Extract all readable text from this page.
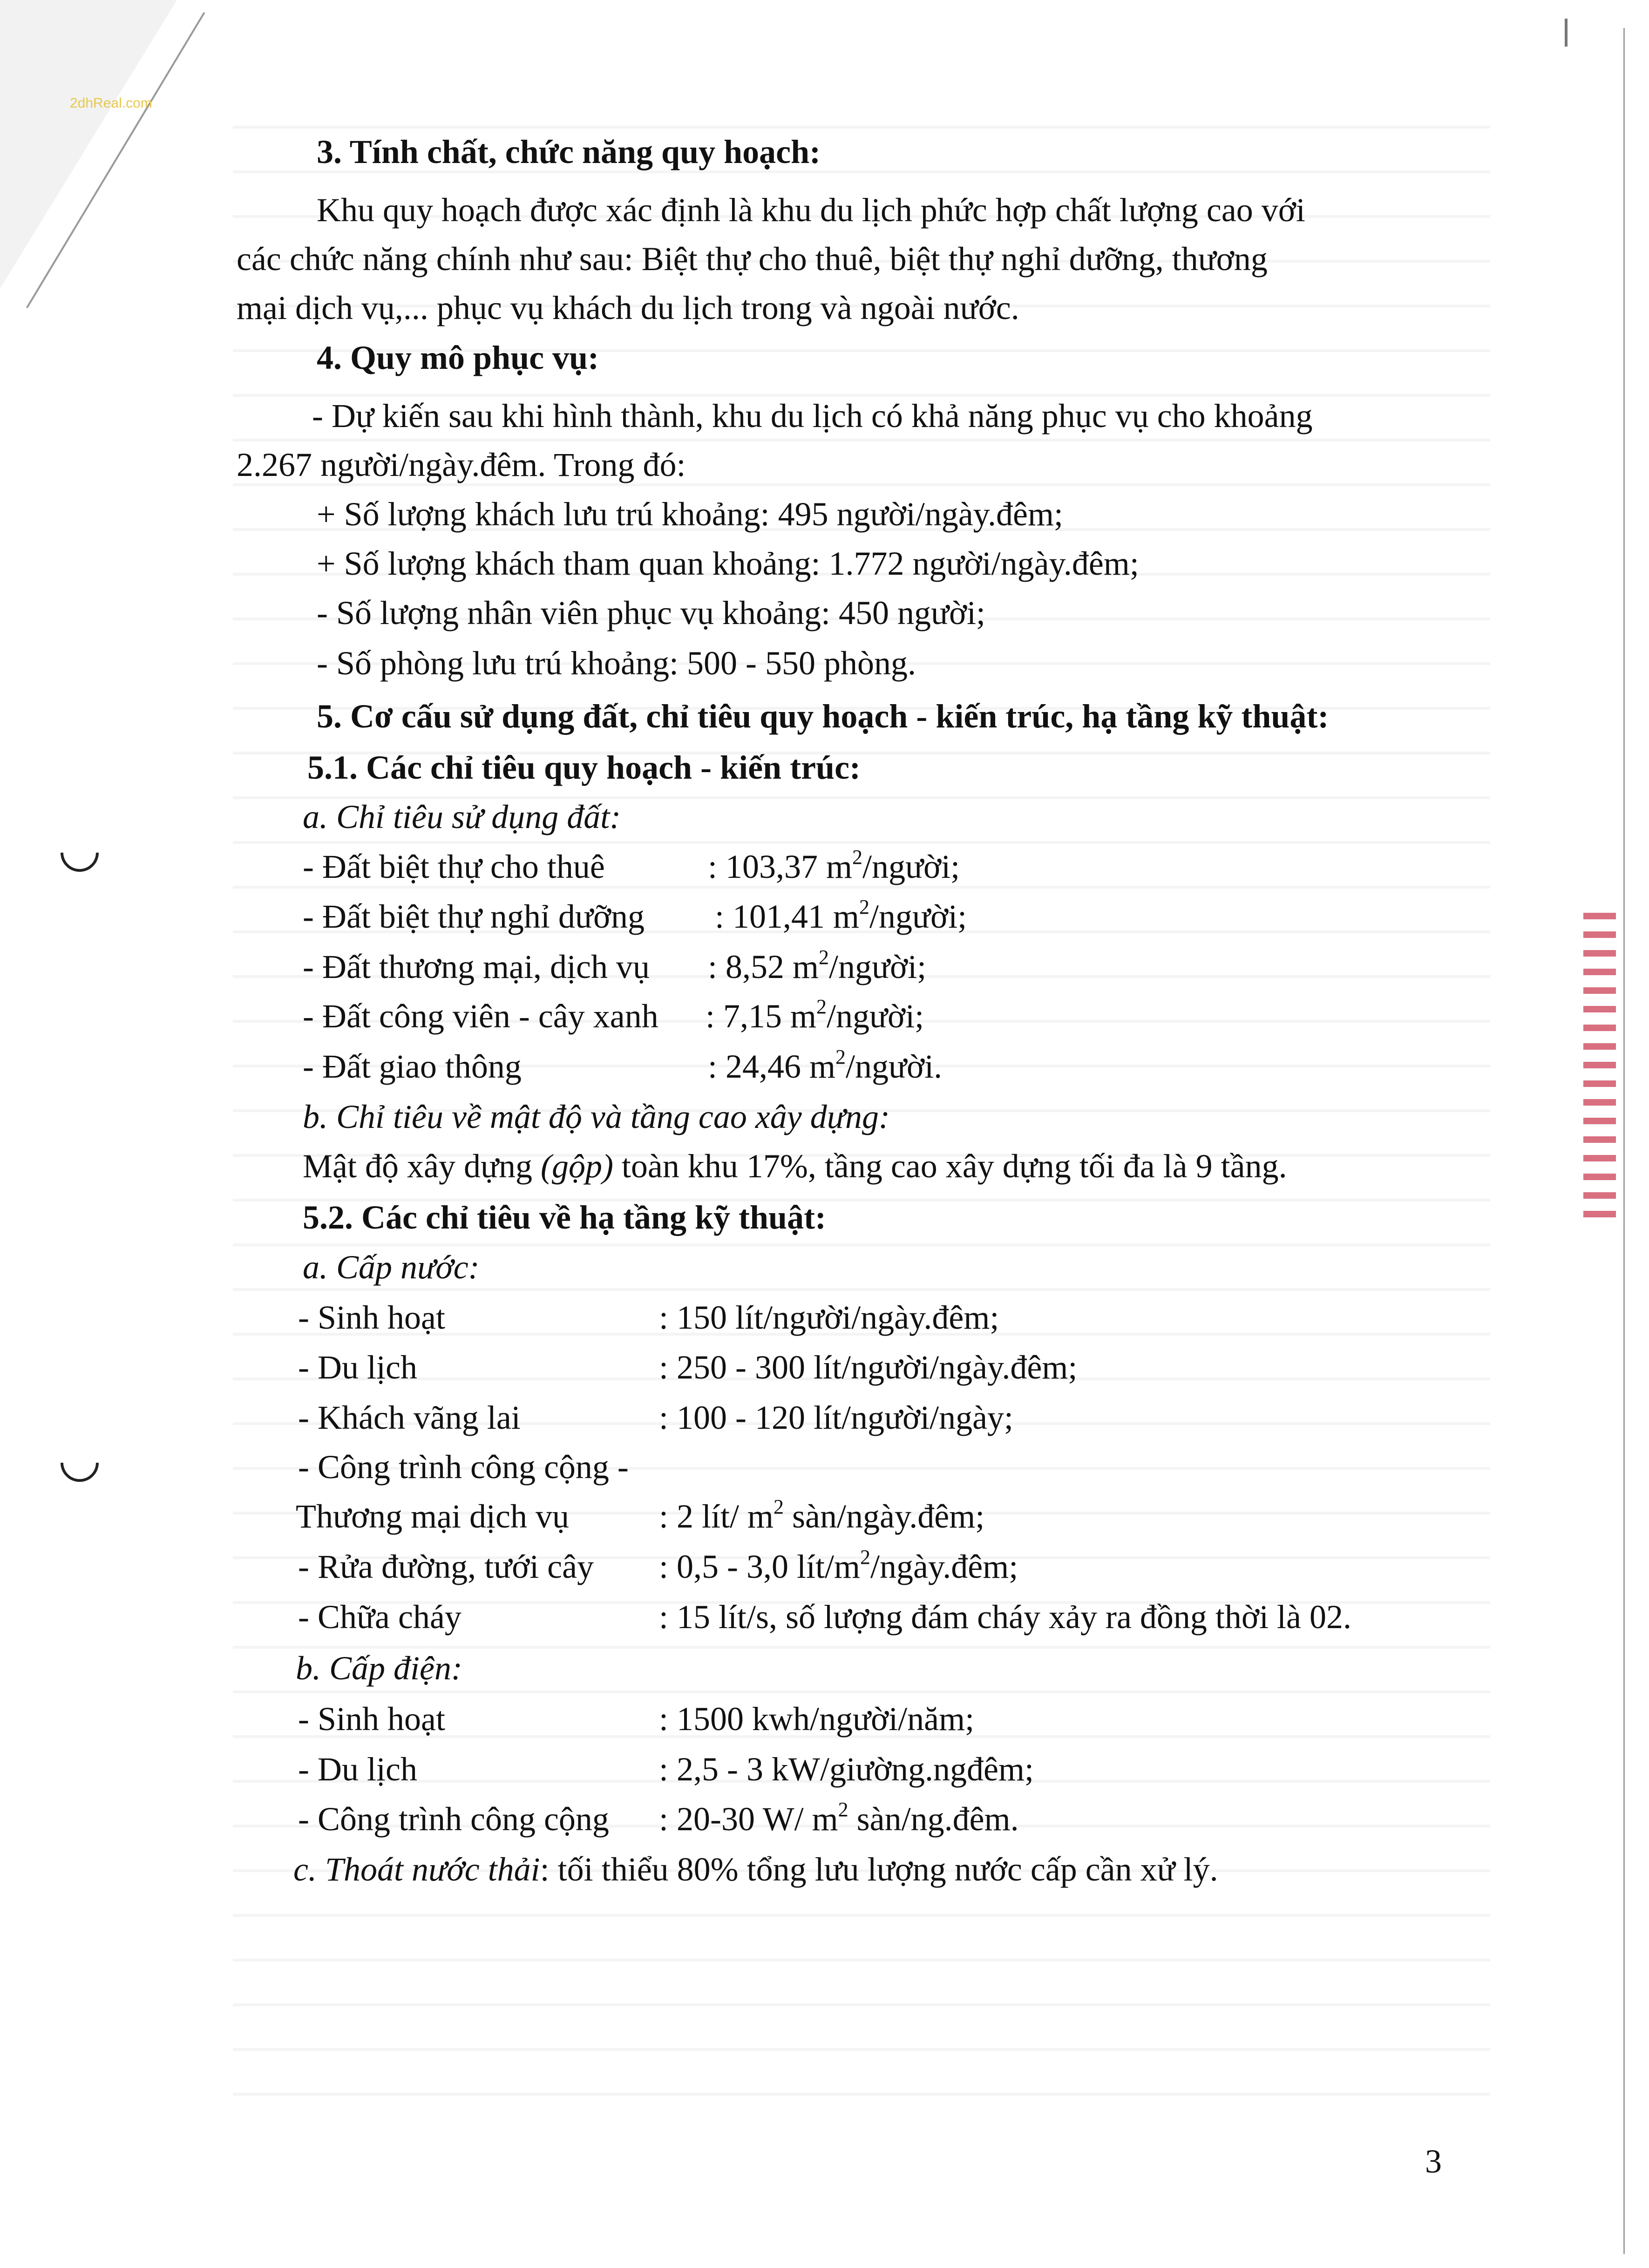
2dhReal.com
3. Tính chất, chức năng quy hoạch:
Khu quy hoạch được xác định là khu du lịch phức hợp chất lượng cao với
các chức năng chính như sau: Biệt thự cho thuê, biệt thự nghỉ dưỡng, thương
mại dịch vụ,... phục vụ khách du lịch trong và ngoài nước.
4. Quy mô phục vụ:
- Dự kiến sau khi hình thành, khu du lịch có khả năng phục vụ cho khoảng
2.267 người/ngày.đêm. Trong đó:
+ Số lượng khách lưu trú khoảng: 495 người/ngày.đêm;
+ Số lượng khách tham quan khoảng: 1.772 người/ngày.đêm;
- Số lượng nhân viên phục vụ khoảng: 450 người;
- Số phòng lưu trú khoảng: 500 - 550 phòng.
5. Cơ cấu sử dụng đất, chỉ tiêu quy hoạch - kiến trúc, hạ tầng kỹ thuật:
5.1. Các chỉ tiêu quy hoạch - kiến trúc:
a. Chỉ tiêu sử dụng đất:
- Đất biệt thự cho thuê	: 103,37 $m^2$/người;
- Đất biệt thự nghỉ dưỡng : 101,41 $m^2$/người;
- Đất thương mại, dịch vụ : 8,52 $m^2$/người;
- Đất công viên - cây xanh : 7,15 $m^2$/người;
- Đất giao thông	: 24,46 $m^2$/người.
b. Chỉ tiêu về mật độ và tầng cao xây dựng:
Mật độ xây dựng (gộp) toàn khu 17%, tầng cao xây dựng tối đa là 9 tầng.
5.2. Các chỉ tiêu về hạ tầng kỹ thuật:
a. Cấp nước:
- Sinh hoạt	: 150 lít/người/ngày.đêm;
- Du lịch	: 250 - 300 lít/người/ngày.đêm;
- Khách vãng lai	: 100 - 120 lít/người/ngày;
- Công trình công cộng -
Thương mại dịch vụ	: 2 lít/ $m^2$ sàn/ngày.đêm;
- Rửa đường, tưới cây : 0,5 - 3,0 lít/$m^2/ngày.đêm$;
- Chữa cháy	: 15 lít/s, số lượng đám cháy xảy ra đồng thời là 02.
b. Cấp điện:
- Sinh hoạt	: 1500 kwh/người/năm;
- Du lịch	: 2,5 - 3 kW/giường.ngđêm;
- Công trình công cộng : 20-30 W/ $m^2$ sàn/ng.đêm.
c. Thoát nước thải: tối thiểu 80% tổng lưu lượng nước cấp cần xử lý.
3
